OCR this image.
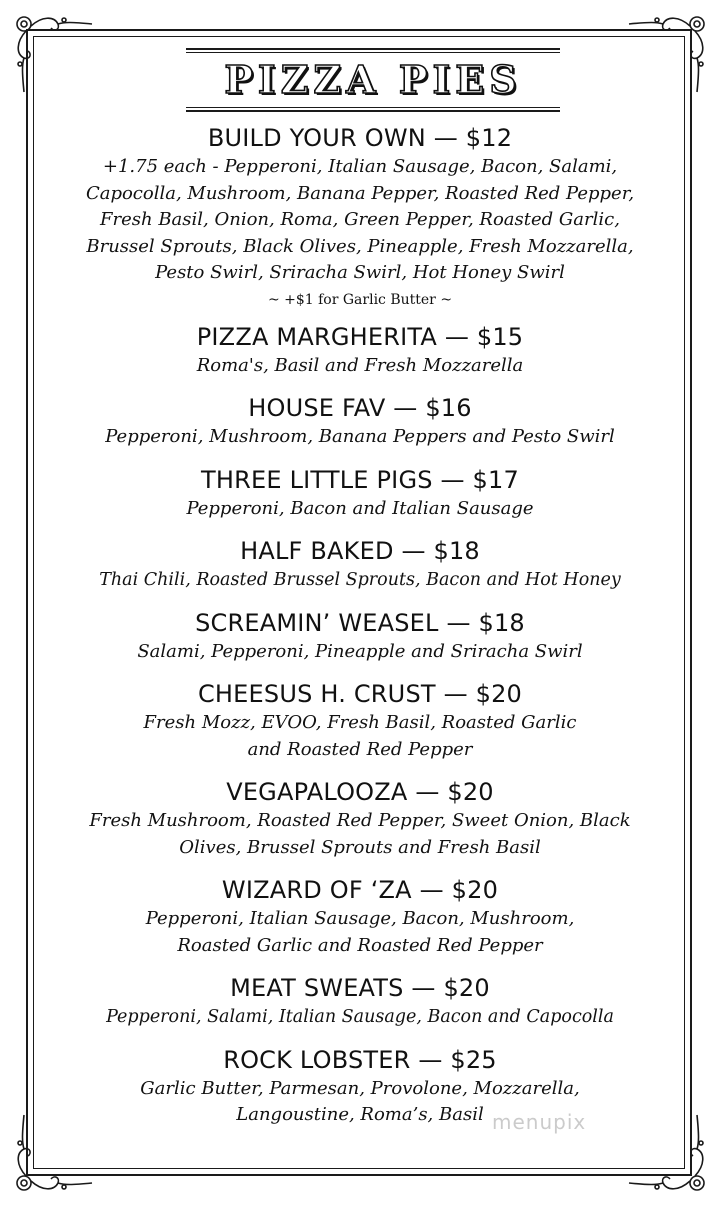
PIZZA PIES
BUILD YOUR OWN — $12
+1.75 each - Pepperoni, Italian Sausage, Bacon, Salami, Capocolla, Mushroom, Banana Pepper, Roasted Red Pepper, Fresh Basil, Onion, Roma, Green Pepper, Roasted Garlic, Brussel Sprouts, Black Olives, Pineapple, Fresh Mozzarella, Pesto Swirl, Sriracha Swirl, Hot Honey Swirl
~ +$1 for Garlic Butter ~
PIZZA MARGHERITA — $15
Roma's, Basil and Fresh Mozzarella
HOUSE FAV — $16
Pepperoni, Mushroom, Banana Peppers and Pesto Swirl
THREE LITTLE PIGS — $17
Pepperoni, Bacon and Italian Sausage
HALF BAKED — $18
Thai Chili, Roasted Brussel Sprouts, Bacon and Hot Honey
SCREAMIN’ WEASEL — $18
Salami, Pepperoni, Pineapple and Sriracha Swirl
CHEESUS H. CRUST — $20
Fresh Mozz, EVOO, Fresh Basil, Roasted Garlic and Roasted Red Pepper
VEGAPALOOZA — $20
Fresh Mushroom, Roasted Red Pepper, Sweet Onion, Black Olives, Brussel Sprouts and Fresh Basil
WIZARD OF ‘ZA — $20
Pepperoni, Italian Sausage, Bacon, Mushroom, Roasted Garlic and Roasted Red Pepper
MEAT SWEATS — $20
Pepperoni, Salami, Italian Sausage, Bacon and Capocolla
ROCK LOBSTER — $25
Garlic Butter, Parmesan, Provolone, Mozzarella, Langoustine, Roma’s, Basil menupix
